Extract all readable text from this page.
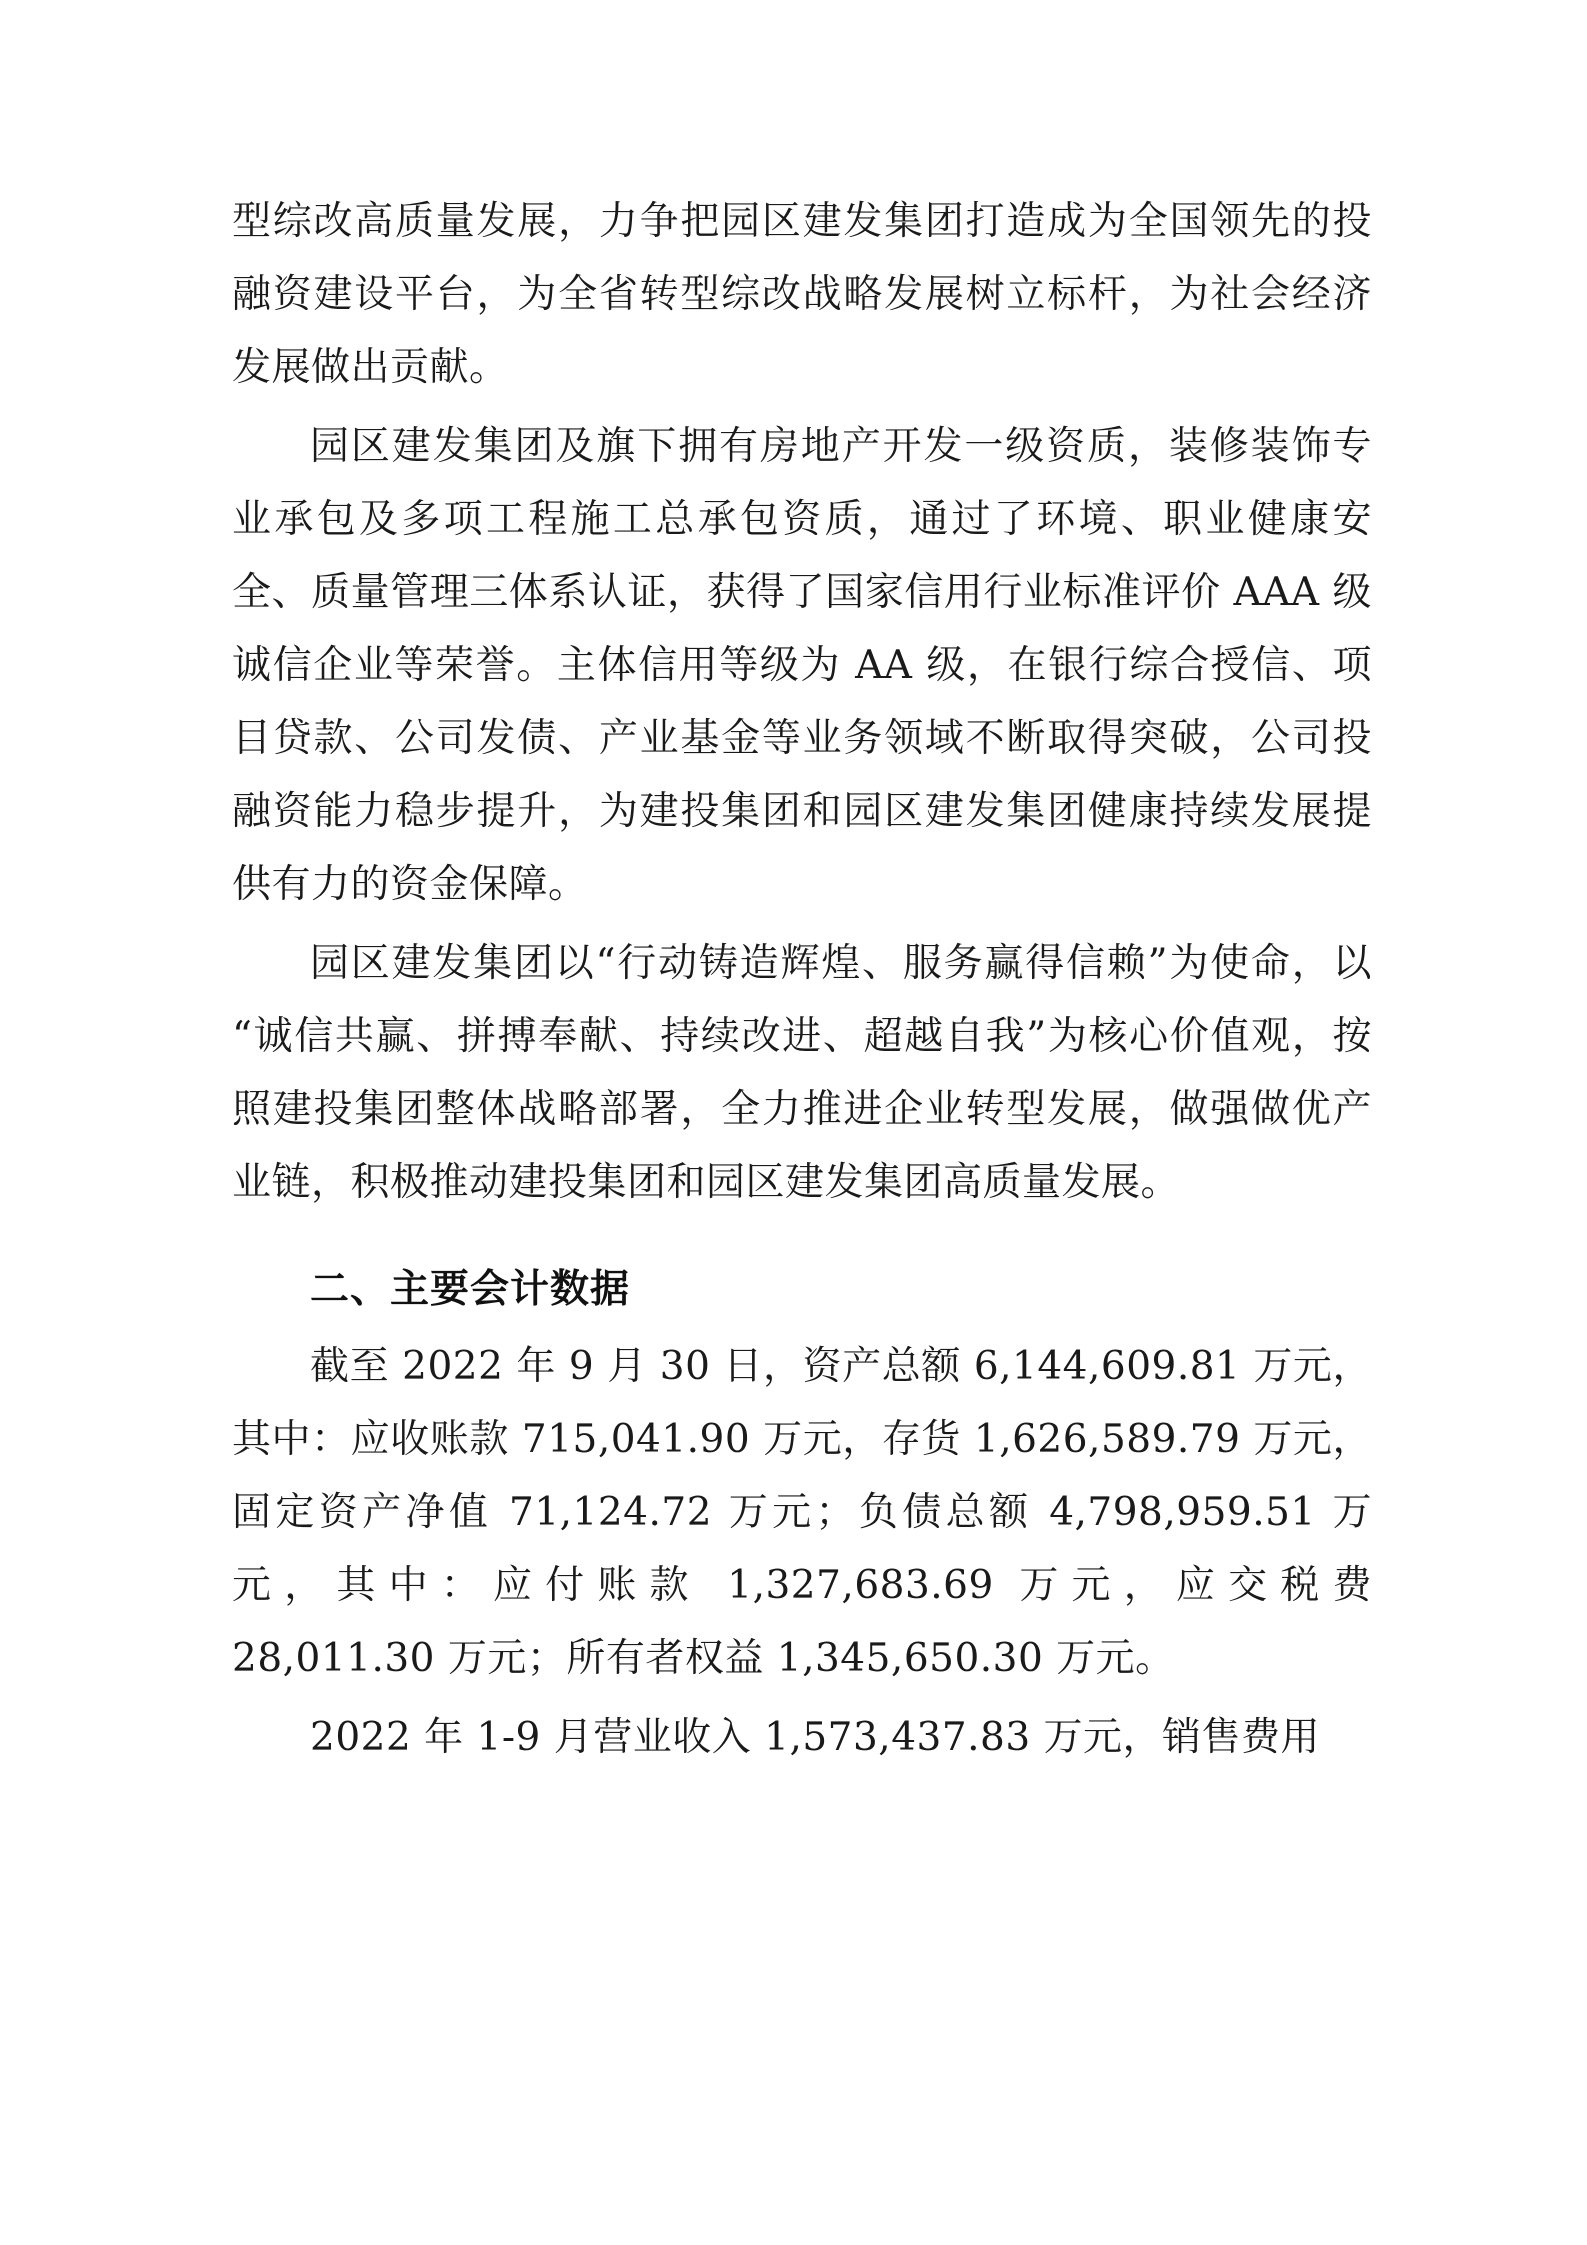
型综改高质量发展，力争把园区建发集团打造成为全国领先的投融资建设平台，为全省转型综改战略发展树立标杆，为社会经济发展做出贡献。

园区建发集团及旗下拥有房地产开发一级资质，装修装饰专业承包及多项工程施工总承包资质，通过了环境、职业健康安全、质量管理三体系认证，获得了国家信用行业标准评价 AAA 级诚信企业等荣誉。主体信用等级为 AA 级，在银行综合授信、项目贷款、公司发债、产业基金等业务领域不断取得突破，公司投融资能力稳步提升，为建投集团和园区建发集团健康持续发展提供有力的资金保障。

园区建发集团以“行动铸造辉煌、服务赢得信赖”为使命，以“诚信共赢、拼搏奉献、持续改进、超越自我”为核心价值观，按照建投集团整体战略部署，全力推进企业转型发展，做强做优产业链，积极推动建投集团和园区建发集团高质量发展。

二、主要会计数据

截至 2022 年 9 月 30 日，资产总额 6,144,609.81 万元，其中：应收账款 715,041.90 万元，存货 1,626,589.79 万元，固定资产净值 71,124.72 万元；负债总额 4,798,959.51 万元，其中：应付账款 1,327,683.69 万元，应交税费 28,011.30 万元；所有者权益 1,345,650.30 万元。

2022 年 1-9 月营业收入 1,573,437.83 万元，销售费用
